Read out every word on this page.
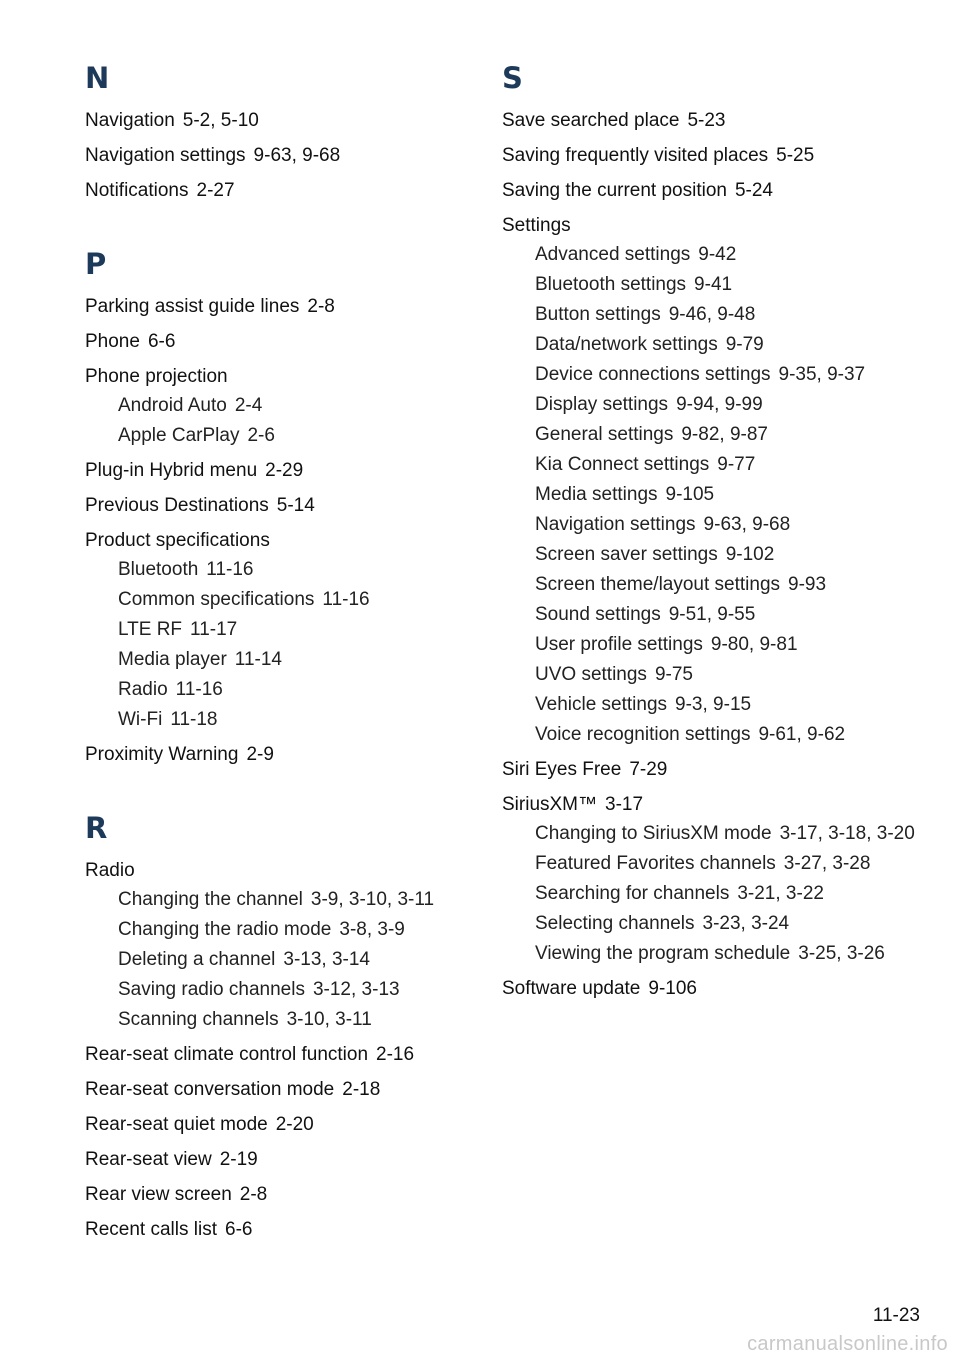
N
Navigation 5-2, 5-10
Navigation settings 9-63, 9-68
Notifications 2-27
P
Parking assist guide lines 2-8
Phone 6-6
Phone projection
Android Auto 2-4
Apple CarPlay 2-6
Plug-in Hybrid menu 2-29
Previous Destinations 5-14
Product specifications
Bluetooth 11-16
Common specifications 11-16
LTE RF 11-17
Media player 11-14
Radio 11-16
Wi-Fi 11-18
Proximity Warning 2-9
R
Radio
Changing the channel 3-9, 3-10, 3-11
Changing the radio mode 3-8, 3-9
Deleting a channel 3-13, 3-14
Saving radio channels 3-12, 3-13
Scanning channels 3-10, 3-11
Rear-seat climate control function 2-16
Rear-seat conversation mode 2-18
Rear-seat quiet mode 2-20
Rear-seat view 2-19
Rear view screen 2-8
Recent calls list 6-6
S
Save searched place 5-23
Saving frequently visited places 5-25
Saving the current position 5-24
Settings
Advanced settings 9-42
Bluetooth settings 9-41
Button settings 9-46, 9-48
Data/network settings 9-79
Device connections settings 9-35, 9-37
Display settings 9-94, 9-99
General settings 9-82, 9-87
Kia Connect settings 9-77
Media settings 9-105
Navigation settings 9-63, 9-68
Screen saver settings 9-102
Screen theme/layout settings 9-93
Sound settings 9-51, 9-55
User profile settings 9-80, 9-81
UVO settings 9-75
Vehicle settings 9-3, 9-15
Voice recognition settings 9-61, 9-62
Siri Eyes Free 7-29
SiriusXM™ 3-17
Changing to SiriusXM mode 3-17, 3-18, 3-20
Featured Favorites channels 3-27, 3-28
Searching for channels 3-21, 3-22
Selecting channels 3-23, 3-24
Viewing the program schedule 3-25, 3-26
Software update 9-106
11-23
carmanualsonline.info
